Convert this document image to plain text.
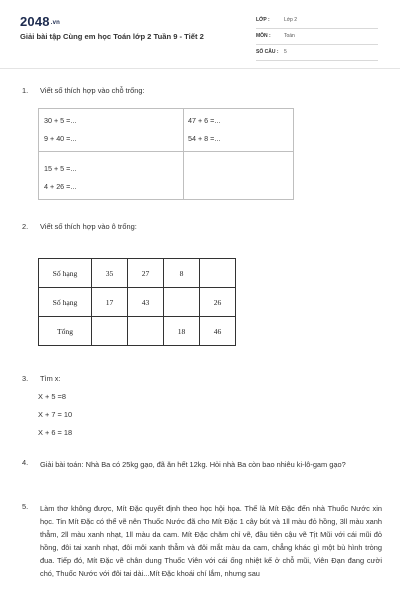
2048.vn
Giải bài tập Cùng em học Toán lớp 2 Tuần 9 - Tiết 2
LỚP :	Lớp 2
MÔN :	Toán
SỐ CÂU : 5
1. Viết số thích hợp vào chỗ trống:
30 + 5 =...
9 + 40 =...
47 + 6 =...
54 + 8 =...
15 + 5 =...
4 + 26 =...
2. Viết số thích hợp vào ô trống:
Số hạng	35	27	8	
Số hạng	17	43		26
Tổng			18	46
3. Tìm x:
X + 5 =8
X + 7 = 10
X + 6 = 18
4. Giải bài toán: Nhà Ba có 25kg gạo, đã ăn hết 12kg. Hỏi nhà Ba còn bao nhiêu ki-lô-gam gạo?
5. Làm thơ không được, Mít Đặc quyết định theo học hội họa. Thế là Mít Đặc đến nhà Thuốc Nước xin học. Tin Mít Đặc có thể vẽ nên Thuốc Nước đã cho Mít Đặc 1 cây bút và 1ll màu đỏ hồng, 3ll màu xanh thẫm, 2ll màu xanh nhạt, 1ll màu da cam. Mít Đặc chăm chỉ vẽ, đầu tiên cậu vẽ Tịt Mũi với cái mũi đỏ hồng, đôi tai xanh nhạt, đôi môi xanh thẫm và đôi mắt màu da cam, chẳng khác gì một bù hình tròng đua. Tiếp đó, Mít Đặc vẽ chân dung Thuốc Viên với cái ống nhiệt kế ở chỗ mũi, Viên Đạn đang cười chó, Thuốc Nước với đôi tai dài...Mít Đặc khoái chí lắm, nhưng sau
